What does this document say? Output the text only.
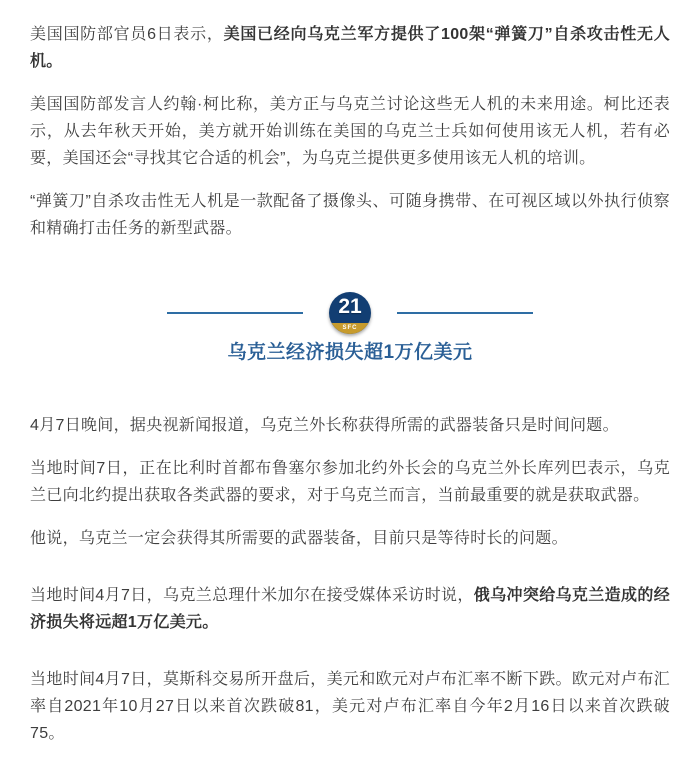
美国国防部官员6日表示，美国已经向乌克兰军方提供了100架“弹簧刀”自杀攻击性无人机。

美国国防部发言人约翰·柯比称，美方正与乌克兰讨论这些无人机的未来用途。柯比还表示，从去年秋天开始，美方就开始训练在美国的乌克兰士兵如何使用该无人机，若有必要，美国还会“寻找其它合适的机会”，为乌克兰提供更多使用该无人机的培训。

“弹簧刀”自杀攻击性无人机是一款配备了摄像头、可随身携带、在可视区域以外执行侦察和精确打击任务的新型武器。

21
SFC
乌克兰经济损失超1万亿美元

4月7日晚间，据央视新闻报道，乌克兰外长称获得所需的武器装备只是时间问题。

当地时间7日，正在比利时首都布鲁塞尔参加北约外长会的乌克兰外长库列巴表示，乌克兰已向北约提出获取各类武器的要求，对于乌克兰而言，当前最重要的就是获取武器。

他说，乌克兰一定会获得其所需要的武器装备，目前只是等待时长的问题。

当地时间4月7日，乌克兰总理什米加尔在接受媒体采访时说，俄乌冲突给乌克兰造成的经济损失将远超1万亿美元。

当地时间4月7日，莫斯科交易所开盘后，美元和欧元对卢布汇率不断下跌。欧元对卢布汇率自2021年10月27日以来首次跌破81，美元对卢布汇率自今年2月16日以来首次跌破75。
